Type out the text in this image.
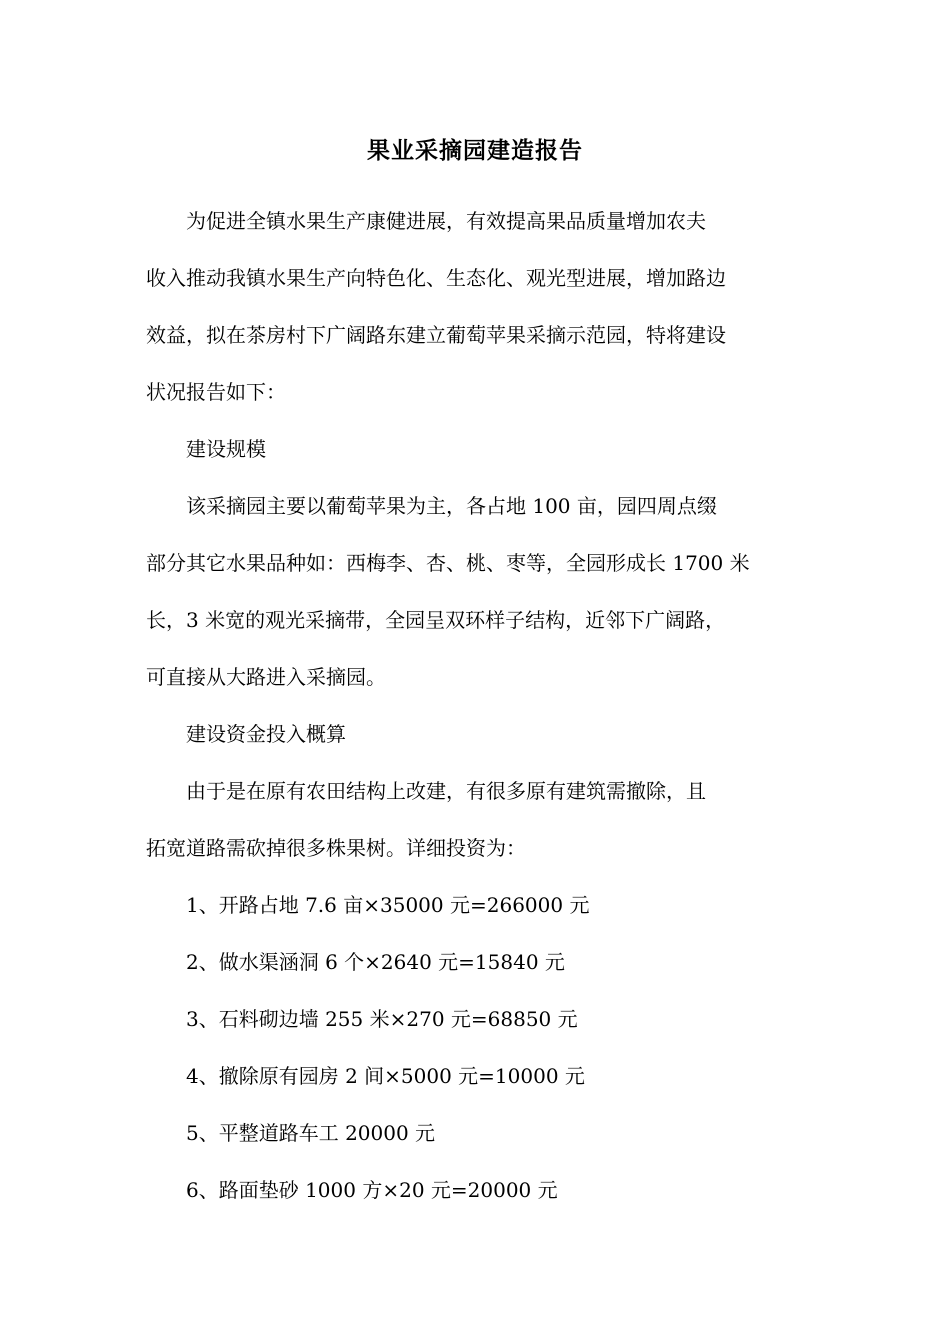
果业采摘园建造报告

为促进全镇水果生产康健进展，有效提高果品质量增加农夫

收入推动我镇水果生产向特色化、生态化、观光型进展，增加路边

效益，拟在茶房村下广阔路东建立葡萄苹果采摘示范园，特将建设

状况报告如下：

建设规模

该采摘园主要以葡萄苹果为主，各占地 100 亩，园四周点缀

部分其它水果品种如：西梅李、杏、桃、枣等，全园形成长 1700 米

长，3 米宽的观光采摘带，全园呈双环样子结构，近邻下广阔路，

可直接从大路进入采摘园。

建设资金投入概算

由于是在原有农田结构上改建，有很多原有建筑需撤除，且

拓宽道路需砍掉很多株果树。详细投资为：

1、开路占地 7.6 亩×35000 元=266000 元

2、做水渠涵洞 6 个×2640 元=15840 元

3、石料砌边墙 255 米×270 元=68850 元

4、撤除原有园房 2 间×5000 元=10000 元

5、平整道路车工 20000 元

6、路面垫砂 1000 方×20 元=20000 元
